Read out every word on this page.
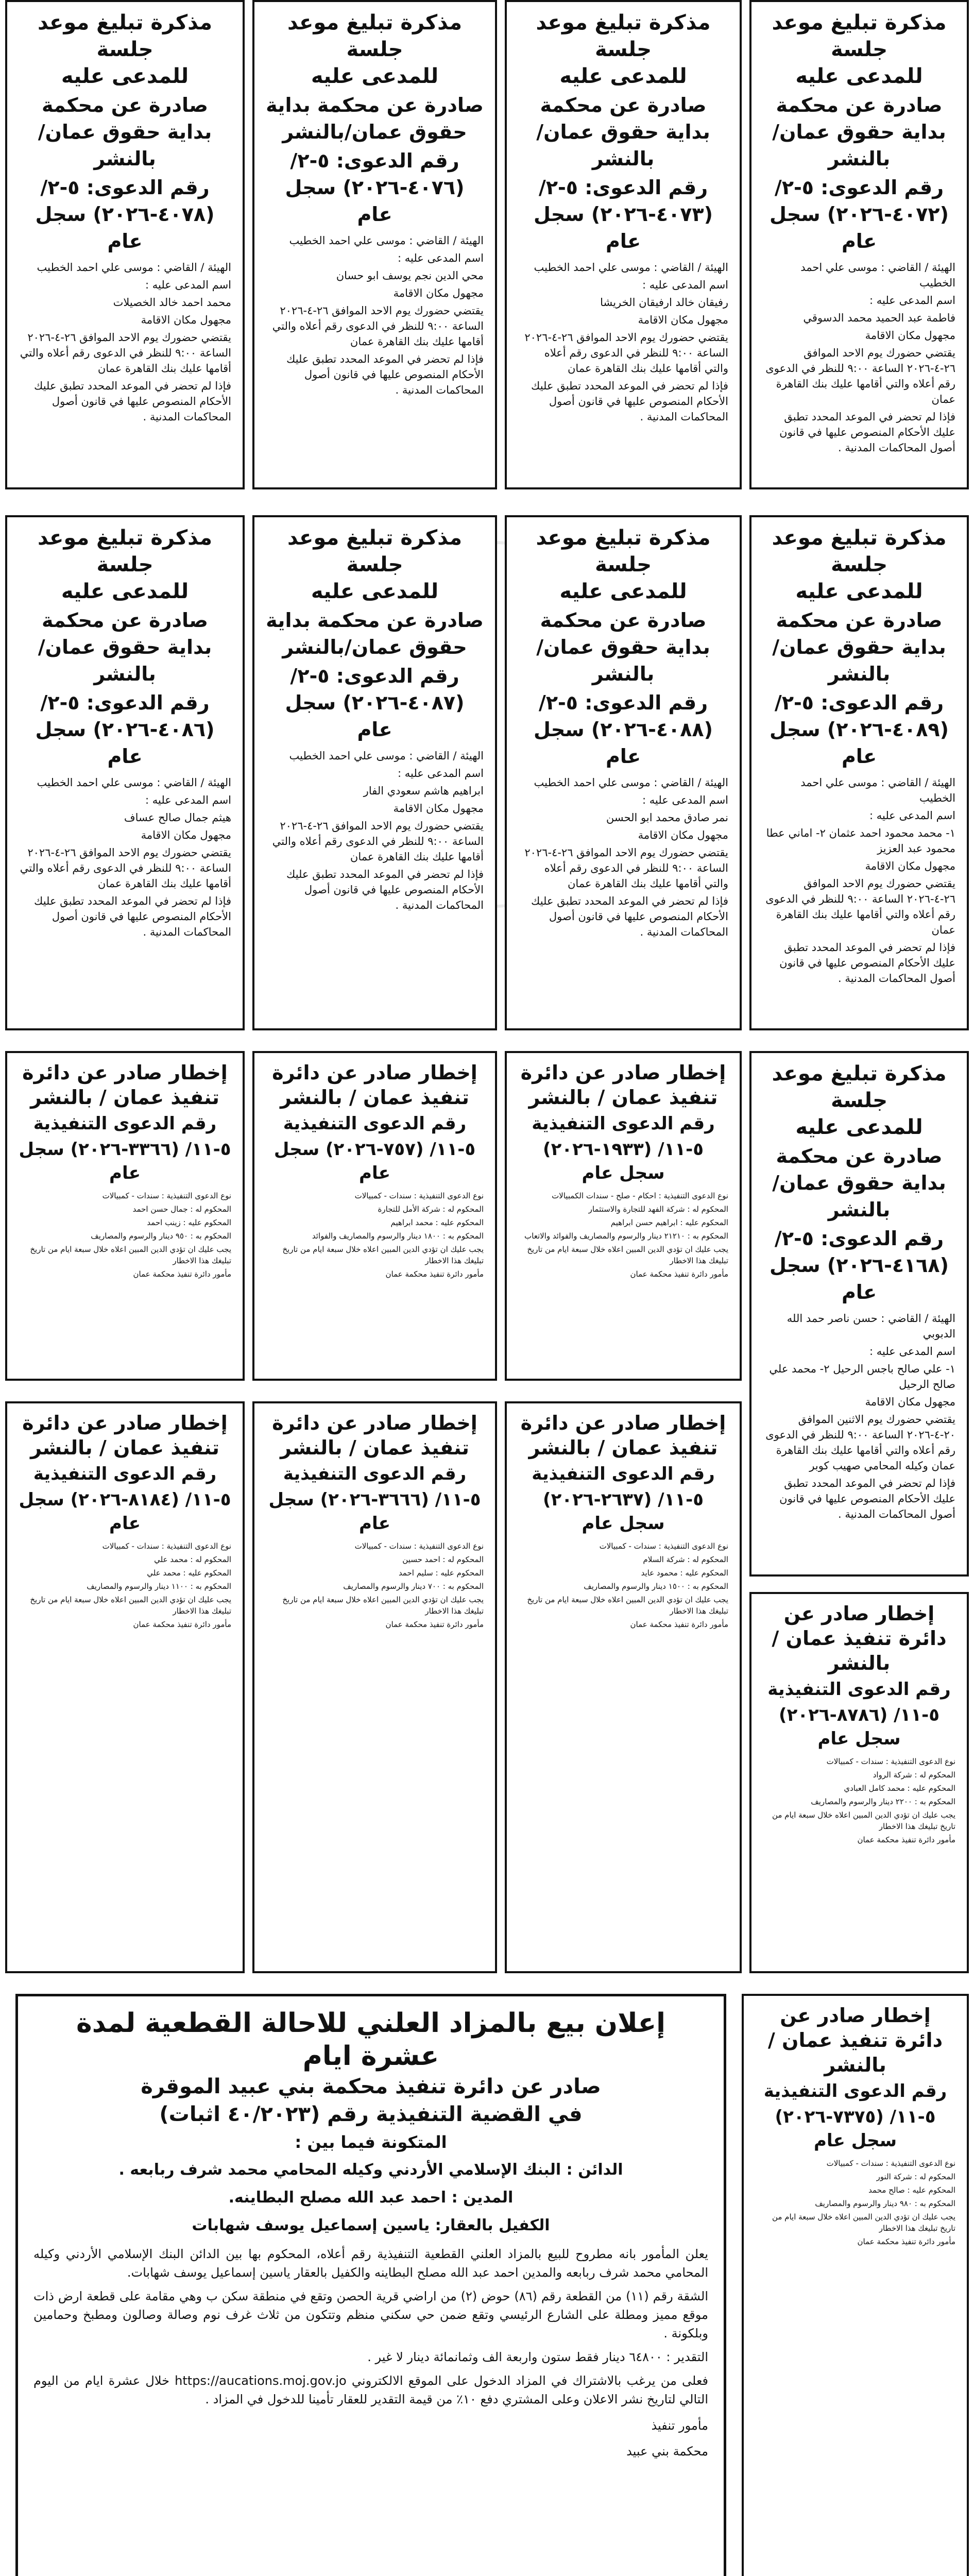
مذكرة تبليغ موعد جلسة
للمدعى عليه
صادرة عن محكمة بداية حقوق عمان/بالنشر
رقم الدعوى: ٥-٢/ (٤٠٧٢-٢٠٢٦) سجل عام
الهيئة / القاضي : موسى علي احمد الخطيب
اسم المدعى عليه :
فاطمة عبد الحميد محمد الدسوقي
مجهول مكان الاقامة
يقتضي حضورك يوم الاحد الموافق ٢٦-٤-٢٠٢٦ الساعة ٩:٠٠ للنظر في الدعوى رقم أعلاه والتي أقامها عليك بنك القاهرة عمان
فإذا لم تحضر في الموعد المحدد تطبق عليك الأحكام المنصوص عليها في قانون أصول المحاكمات المدنية .
مذكرة تبليغ موعد جلسة
للمدعى عليه
صادرة عن محكمة بداية حقوق عمان/بالنشر
رقم الدعوى: ٥-٢/ (٤٠٧٣-٢٠٢٦) سجل عام
الهيئة / القاضي : موسى علي احمد الخطيب
اسم المدعى عليه :
رفيقان خالد ارفيقان الخريشا
مجهول مكان الاقامة
يقتضي حضورك يوم الاحد الموافق ٢٦-٤-٢٠٢٦ الساعة ٩:٠٠ للنظر في الدعوى رقم أعلاه والتي أقامها عليك بنك القاهرة عمان
فإذا لم تحضر في الموعد المحدد تطبق عليك الأحكام المنصوص عليها في قانون أصول المحاكمات المدنية .
مذكرة تبليغ موعد جلسة
للمدعى عليه
صادرة عن محكمة بداية حقوق عمان/بالنشر
رقم الدعوى: ٥-٢/ (٤٠٧٦-٢٠٢٦) سجل عام
الهيئة / القاضي : موسى علي احمد الخطيب
اسم المدعى عليه :
محي الدين نجم يوسف ابو حسان
مجهول مكان الاقامة
يقتضي حضورك يوم الاحد الموافق ٢٦-٤-٢٠٢٦ الساعة ٩:٠٠ للنظر في الدعوى رقم أعلاه والتي أقامها عليك بنك القاهرة عمان
فإذا لم تحضر في الموعد المحدد تطبق عليك الأحكام المنصوص عليها في قانون أصول المحاكمات المدنية .
مذكرة تبليغ موعد جلسة
للمدعى عليه
صادرة عن محكمة بداية حقوق عمان/بالنشر
رقم الدعوى: ٥-٢/ (٤٠٧٨-٢٠٢٦) سجل عام
الهيئة / القاضي : موسى علي احمد الخطيب
اسم المدعى عليه :
محمد احمد خالد الخصيلات
مجهول مكان الاقامة
يقتضي حضورك يوم الاحد الموافق ٢٦-٤-٢٠٢٦ الساعة ٩:٠٠ للنظر في الدعوى رقم أعلاه والتي أقامها عليك بنك القاهرة عمان
فإذا لم تحضر في الموعد المحدد تطبق عليك الأحكام المنصوص عليها في قانون أصول المحاكمات المدنية .
مذكرة تبليغ موعد جلسة
للمدعى عليه
صادرة عن محكمة بداية حقوق عمان/بالنشر
رقم الدعوى: ٥-٢/ (٤٠٨٩-٢٠٢٦) سجل عام
الهيئة / القاضي : موسى علي احمد الخطيب
اسم المدعى عليه :
١- محمد محمود احمد عثمان ٢- اماني عطا محمود عبد العزيز
مجهول مكان الاقامة
يقتضي حضورك يوم الاحد الموافق ٢٦-٤-٢٠٢٦ الساعة ٩:٠٠ للنظر في الدعوى رقم أعلاه والتي أقامها عليك بنك القاهرة عمان
فإذا لم تحضر في الموعد المحدد تطبق عليك الأحكام المنصوص عليها في قانون أصول المحاكمات المدنية .
مذكرة تبليغ موعد جلسة
للمدعى عليه
صادرة عن محكمة بداية حقوق عمان/بالنشر
رقم الدعوى: ٥-٢/ (٤٠٨٨-٢٠٢٦) سجل عام
الهيئة / القاضي : موسى علي احمد الخطيب
اسم المدعى عليه :
نمر صادق محمد ابو الحسن
مجهول مكان الاقامة
يقتضي حضورك يوم الاحد الموافق ٢٦-٤-٢٠٢٦ الساعة ٩:٠٠ للنظر في الدعوى رقم أعلاه والتي أقامها عليك بنك القاهرة عمان
فإذا لم تحضر في الموعد المحدد تطبق عليك الأحكام المنصوص عليها في قانون أصول المحاكمات المدنية .
مذكرة تبليغ موعد جلسة
للمدعى عليه
صادرة عن محكمة بداية حقوق عمان/بالنشر
رقم الدعوى: ٥-٢/ (٤٠٨٧-٢٠٢٦) سجل عام
الهيئة / القاضي : موسى علي احمد الخطيب
اسم المدعى عليه :
ابراهيم هاشم سعودي الفار
مجهول مكان الاقامة
يقتضي حضورك يوم الاحد الموافق ٢٦-٤-٢٠٢٦ الساعة ٩:٠٠ للنظر في الدعوى رقم أعلاه والتي أقامها عليك بنك القاهرة عمان
فإذا لم تحضر في الموعد المحدد تطبق عليك الأحكام المنصوص عليها في قانون أصول المحاكمات المدنية .
مذكرة تبليغ موعد جلسة
للمدعى عليه
صادرة عن محكمة بداية حقوق عمان/بالنشر
رقم الدعوى: ٥-٢/ (٤٠٨٦-٢٠٢٦) سجل عام
الهيئة / القاضي : موسى علي احمد الخطيب
اسم المدعى عليه :
هيثم جمال صالح عساف
مجهول مكان الاقامة
يقتضي حضورك يوم الاحد الموافق ٢٦-٤-٢٠٢٦ الساعة ٩:٠٠ للنظر في الدعوى رقم أعلاه والتي أقامها عليك بنك القاهرة عمان
فإذا لم تحضر في الموعد المحدد تطبق عليك الأحكام المنصوص عليها في قانون أصول المحاكمات المدنية .
مذكرة تبليغ موعد جلسة
للمدعى عليه
صادرة عن محكمة بداية حقوق عمان/بالنشر
رقم الدعوى: ٥-٢/ (٤١٦٨-٢٠٢٦) سجل عام
الهيئة / القاضي : حسن ناصر حمد الله الدبوبي
اسم المدعى عليه :
١- علي صالح باجس الرحيل ٢- محمد علي صالح الرحيل
مجهول مكان الاقامة
يقتضي حضورك يوم الاثنين الموافق ٢٠-٤-٢٠٢٦ الساعة ٩:٠٠ للنظر في الدعوى رقم أعلاه والتي أقامها عليك بنك القاهرة عمان وكيله المحامي صهيب كوبر
فإذا لم تحضر في الموعد المحدد تطبق عليك الأحكام المنصوص عليها في قانون أصول المحاكمات المدنية .
إخطار صادر عن دائرة تنفيذ عمان / بالنشر
رقم الدعوى التنفيذية
٥-١١/ (١٩٣٣-٢٠٢٦) سجل عام
نوع الدعوى التنفيذية : احكام - صلح - سندات الكمبيالات
المحكوم له : شركة الفهد للتجارة والاستثمار
المحكوم عليه : ابراهيم حسن ابراهيم
المحكوم به : ٢١٢١٠ دينار والرسوم والمصاريف والفوائد والاتعاب
يجب عليك ان تؤدي الدين المبين اعلاه خلال سبعة ايام من تاريخ تبليغك هذا الاخطار
مأمور دائرة تنفيذ محكمة عمان
إخطار صادر عن دائرة تنفيذ عمان / بالنشر
رقم الدعوى التنفيذية
٥-١١/ (٧٥٧-٢٠٢٦) سجل عام
نوع الدعوى التنفيذية : سندات - كمبيالات
المحكوم له : شركة الأمل للتجارة
المحكوم عليه : محمد ابراهيم
المحكوم به : ١٨٠٠ دينار والرسوم والمصاريف والفوائد
يجب عليك ان تؤدي الدين المبين اعلاه خلال سبعة ايام من تاريخ تبليغك هذا الاخطار
مأمور دائرة تنفيذ محكمة عمان
إخطار صادر عن دائرة تنفيذ عمان / بالنشر
رقم الدعوى التنفيذية
٥-١١/ (٣٣٦٦-٢٠٢٦) سجل عام
نوع الدعوى التنفيذية : سندات - كمبيالات
المحكوم له : جمال حسن احمد
المحكوم عليه : زينب احمد
المحكوم به : ٩٥٠ دينار والرسوم والمصاريف
يجب عليك ان تؤدي الدين المبين اعلاه خلال سبعة ايام من تاريخ تبليغك هذا الاخطار
مأمور دائرة تنفيذ محكمة عمان
إخطار صادر عن دائرة تنفيذ عمان / بالنشر
رقم الدعوى التنفيذية
٥-١١/ (٨٧٨٦-٢٠٢٦) سجل عام
نوع الدعوى التنفيذية : سندات - كمبيالات
المحكوم له : شركة الرواد
المحكوم عليه : محمد كامل العبادي
المحكوم به : ٢٢٠٠ دينار والرسوم والمصاريف
يجب عليك ان تؤدي الدين المبين اعلاه خلال سبعة ايام من تاريخ تبليغك هذا الاخطار
مأمور دائرة تنفيذ محكمة عمان
إخطار صادر عن دائرة تنفيذ عمان / بالنشر
رقم الدعوى التنفيذية
٥-١١/ (٢٦٣٧-٢٠٢٦) سجل عام
نوع الدعوى التنفيذية : سندات - كمبيالات
المحكوم له : شركة السلام
المحكوم عليه : محمود عايد
المحكوم به : ١٥٠٠ دينار والرسوم والمصاريف
يجب عليك ان تؤدي الدين المبين اعلاه خلال سبعة ايام من تاريخ تبليغك هذا الاخطار
مأمور دائرة تنفيذ محكمة عمان
إخطار صادر عن دائرة تنفيذ عمان / بالنشر
رقم الدعوى التنفيذية
٥-١١/ (٣٦٦٦-٢٠٢٦) سجل عام
نوع الدعوى التنفيذية : سندات - كمبيالات
المحكوم له : احمد حسين
المحكوم عليه : سليم احمد
المحكوم به : ٧٠٠ دينار والرسوم والمصاريف
يجب عليك ان تؤدي الدين المبين اعلاه خلال سبعة ايام من تاريخ تبليغك هذا الاخطار
مأمور دائرة تنفيذ محكمة عمان
إخطار صادر عن دائرة تنفيذ عمان / بالنشر
رقم الدعوى التنفيذية
٥-١١/ (٨١٨٤-٢٠٢٦) سجل عام
نوع الدعوى التنفيذية : سندات - كمبيالات
المحكوم له : محمد علي
المحكوم عليه : محمد علي
المحكوم به : ١١٠٠ دينار والرسوم والمصاريف
يجب عليك ان تؤدي الدين المبين اعلاه خلال سبعة ايام من تاريخ تبليغك هذا الاخطار
مأمور دائرة تنفيذ محكمة عمان
إخطار صادر عن دائرة تنفيذ عمان / بالنشر
رقم الدعوى التنفيذية
٥-١١/ (٧٣٧٥-٢٠٢٦) سجل عام
نوع الدعوى التنفيذية : سندات - كمبيالات
المحكوم له : شركة النور
المحكوم عليه : صالح محمد
المحكوم به : ٩٨٠ دينار والرسوم والمصاريف
يجب عليك ان تؤدي الدين المبين اعلاه خلال سبعة ايام من تاريخ تبليغك هذا الاخطار
مأمور دائرة تنفيذ محكمة عمان
إعلان بيع بالمزاد العلني للاحالة القطعية لمدة عشرة ايام
صادر عن دائرة تنفيذ محكمة بني عبيد الموقرة
في القضية التنفيذية رقم (٤٠/٢٠٢٣ اثبات)
المتكونة فيما بين :
الدائن : البنك الإسلامي الأردني وكيله المحامي محمد شرف ربابعه .
المدين : احمد عبد الله مصلح البطاينه.
الكفيل بالعقار: ياسين إسماعيل يوسف شهابات
يعلن المأمور بانه مطروح للبيع بالمزاد العلني القطعية التنفيذية رقم أعلاه، المحكوم بها بين الدائن البنك الإسلامي الأردني وكيله المحامي محمد شرف ربابعه والمدين احمد عبد الله مصلح البطاينه والكفيل بالعقار ياسين إسماعيل يوسف شهابات.
الشقة رقم (١١) من القطعة رقم (٨٦) حوض (٢) من اراضي قرية الحصن وتقع في منطقة سكن ب وهي مقامة على قطعة ارض ذات موقع مميز ومطلة على الشارع الرئيسي وتقع ضمن حي سكني منظم وتتكون من ثلاث غرف نوم وصالة وصالون ومطبخ وحمامين وبلكونة .
التقدير : ٦٤٨٠٠ دينار فقط ستون واربعة الف وثمانمائة دينار لا غير .
فعلى من يرغب بالاشتراك في المزاد الدخول على الموقع الالكتروني https://aucations.moj.gov.jo خلال عشرة ايام من اليوم التالي لتاريخ نشر الاعلان وعلى المشتري دفع ١٠٪ من قيمة التقدير للعقار تأمينا للدخول في المزاد .
مأمور تنفيذ
محكمة بني عبيد
